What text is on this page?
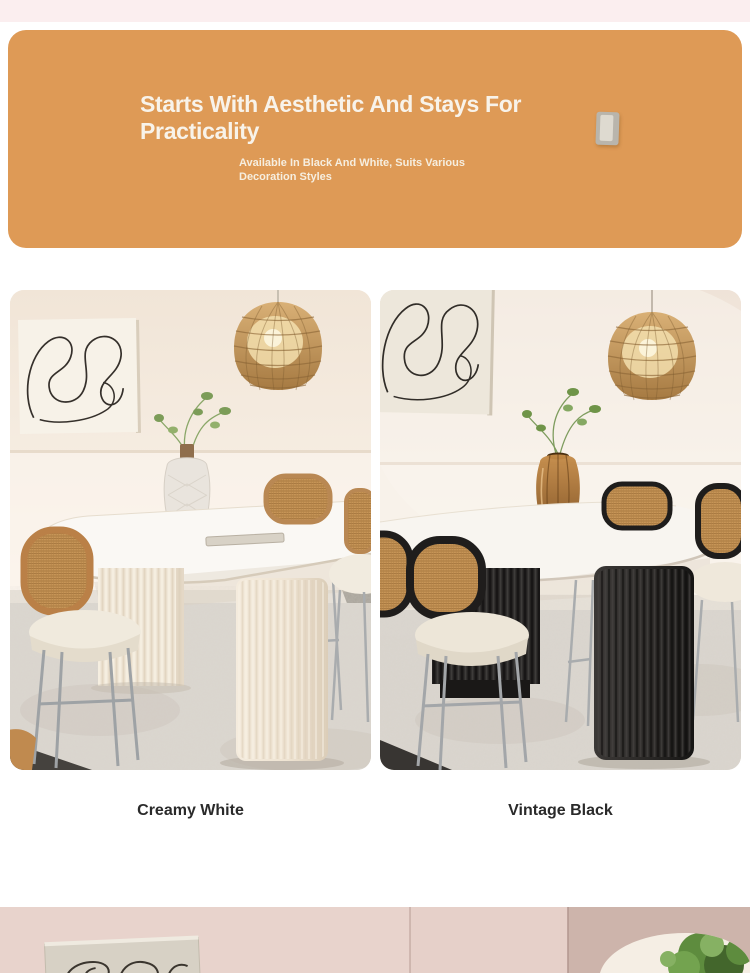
Starts With Aesthetic And Stays For Practicality

Available In Black And White, Suits Various Decoration Styles

Creamy White	Vintage Black
